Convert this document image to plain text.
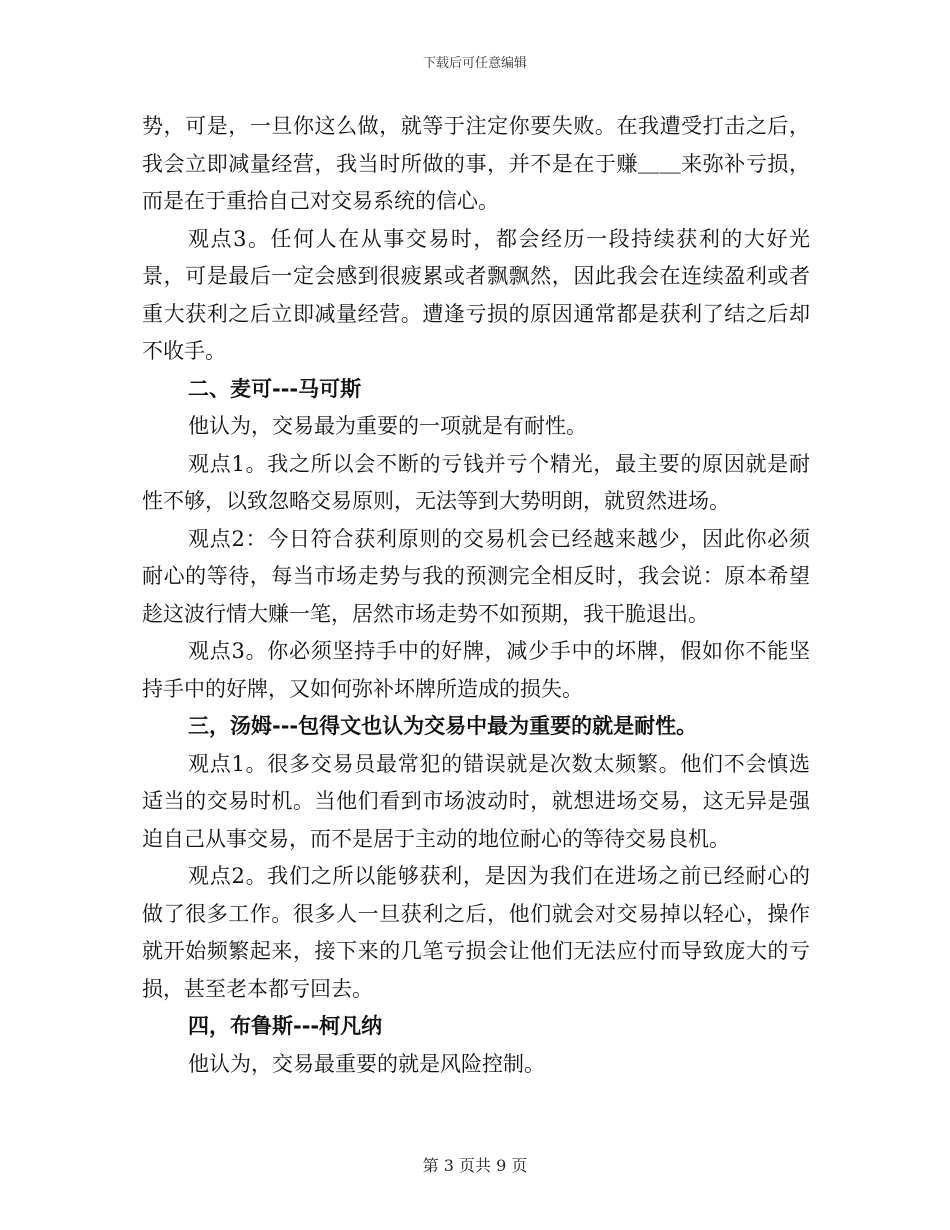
下载后可任意编辑

势，可是，一旦你这么做，就等于注定你要失败。在我遭受打击之后，我会立即减量经营，我当时所做的事，并不是在于赚＿＿来弥补亏损，而是在于重拾自己对交易系统的信心。

观点3。任何人在从事交易时，都会经历一段持续获利的大好光景，可是最后一定会感到很疲累或者飘飘然，因此我会在连续盈利或者重大获利之后立即减量经营。遭逢亏损的原因通常都是获利了结之后却不收手。

二、麦可---马可斯

他认为，交易最为重要的一项就是有耐性。

观点1。我之所以会不断的亏钱并亏个精光，最主要的原因就是耐性不够，以致忽略交易原则，无法等到大势明朗，就贸然进场。

观点2：今日符合获利原则的交易机会已经越来越少，因此你必须耐心的等待，每当市场走势与我的预测完全相反时，我会说：原本希望趁这波行情大赚一笔，居然市场走势不如预期，我干脆退出。

观点3。你必须坚持手中的好牌，减少手中的坏牌，假如你不能坚持手中的好牌，又如何弥补坏牌所造成的损失。

三，汤姆---包得文也认为交易中最为重要的就是耐性。

观点1。很多交易员最常犯的错误就是次数太频繁。他们不会慎选适当的交易时机。当他们看到市场波动时，就想进场交易，这无异是强迫自己从事交易，而不是居于主动的地位耐心的等待交易良机。

观点2。我们之所以能够获利，是因为我们在进场之前已经耐心的做了很多工作。很多人一旦获利之后，他们就会对交易掉以轻心，操作就开始频繁起来，接下来的几笔亏损会让他们无法应付而导致庞大的亏损，甚至老本都亏回去。

四，布鲁斯---柯凡纳

他认为，交易最重要的就是风险控制。

第 3 页共 9 页
